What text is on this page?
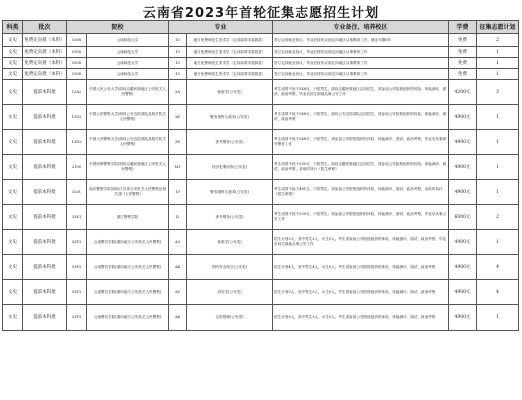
云南省2023年首轮征集志愿招生计划
科类	批次	院校		专业		专业备注、培养校区	学费	征集志愿计划
文史	免费定向批（本科）	5308	云南师范大学	15	地方免费师范生美术学（定向曲靖市富源县）	签订定向就业协议，毕业后按协议到定向地区从事教育工作，就业年限6年	免费	2
文史	免费定向批（本科）	5308	云南师范大学	15	地方免费师范生美术学（定向曲靖市富源县）	签订定向就业协议，毕业后按协议到定向地区从事教育工作	免费	1
文史	免费定向批（本科）	5308	云南师范大学	15	地方免费师范生美术学（定向曲靖市富源县）	签订定向就业协议，毕业后按协议到定向地区从事教育工作	免费	1
文史	免费定向批（本科）	5308	云南师范大学	15	地方免费师范生美术学（定向曲靖市富源县）	签订定向就业协议，毕业后按协议到定向地区从事教育工作	免费	1
文史	提前本科批	13A2	中国人民公安大学(面向边疆民族地区公安机关人民警察)	3A	侦查学(公安类)	考生成绩不低于548分，只招男生。面向边疆民族地区定向招生，须参加公安院校组织的体检、体能测评、面试、政治考察，毕业后回生源地从事公安工作	4200元	3
文史	提前本科批	13D2	中国人民警察大学(面向公安边防部队及相关机关人民警察)	3K	警务指挥与战术(公安类)	考生成绩不低于548分，只招男生。面向公安边防部队定向招生，须参加公安院校组织的体检、体能测评、面试、政治考察	4900元	1
文史	提前本科批	13D2	中国人民警察大学(面向公安边防部队及相关机关人民警察)	3N	涉外警务(公安类)	考生成绩不低于548分，只招男生。须参加公安院校组织的体检、体能测评、面试、政治考察，毕业后从事涉外警务工作	4900元	1
文史	提前本科批	2100	中国刑事警察学院(面向边疆民族地区公安机关人民警察)	M1	经济犯罪侦查(公安类)	考生成绩不低于530分，只招男生。面向边疆民族地区定向招生，须参加公安院校组织的体检、体能测评、面试、政治考察，录取时执行《招生章程》	4900元	1
文史	提前本科批	3201	南京警察学院(面向江苏省公安机关人民警察及相关部门人民警察)	19	警务指挥与战术(公安类)	考生成绩不低于481分，只招男生。须参加公安院校组织的体检、体能测评、面试、政治考察，录取时执行《招生章程》	4900元	1
文史	提前本科批	33E1	浙江警察学院	I2	涉外警务(公安类)	考生成绩不低于530分，只招男生。须参加公安院校组织的体检、体能测评、面试、政治考察，毕业后从事公安工作	6000元	2
文史	提前本科批	53F3	云南警官学院(面向地方公安机关人民警察)	A3	侦查学(公安类)	招生计划3人，其中男生3人，女生0人。考生须参加公安院校组织的体检、体能测评、面试、政治考察，毕业后回生源地从事公安工作	4900元	1
文史	提前本科批	53F3	云南警官学院(面向地方公安机关人民警察)	A4	国内安全保卫(公安类)	招生计划4人，其中男生4人，女生0人。考生须参加公安院校组织的体检、体能测评、面试、政治考察	4900元	4
文史	提前本科批	53F3	云南警官学院(面向地方公安机关人民警察)	A5	治安学(公安类)	招生计划3人，其中男生3人，女生0人。考生须参加公安院校组织的体检、体能测评、面试、政治考察	4900元	4
文史	提前本科批	53F3	云南警官学院(面向地方公安机关人民警察)	A6	边防管理(公安类)	招生计划3人，其中男生3人，女生0人。考生须参加公安院校组织的体检、体能测评、面试、政治考察	4900元	1
